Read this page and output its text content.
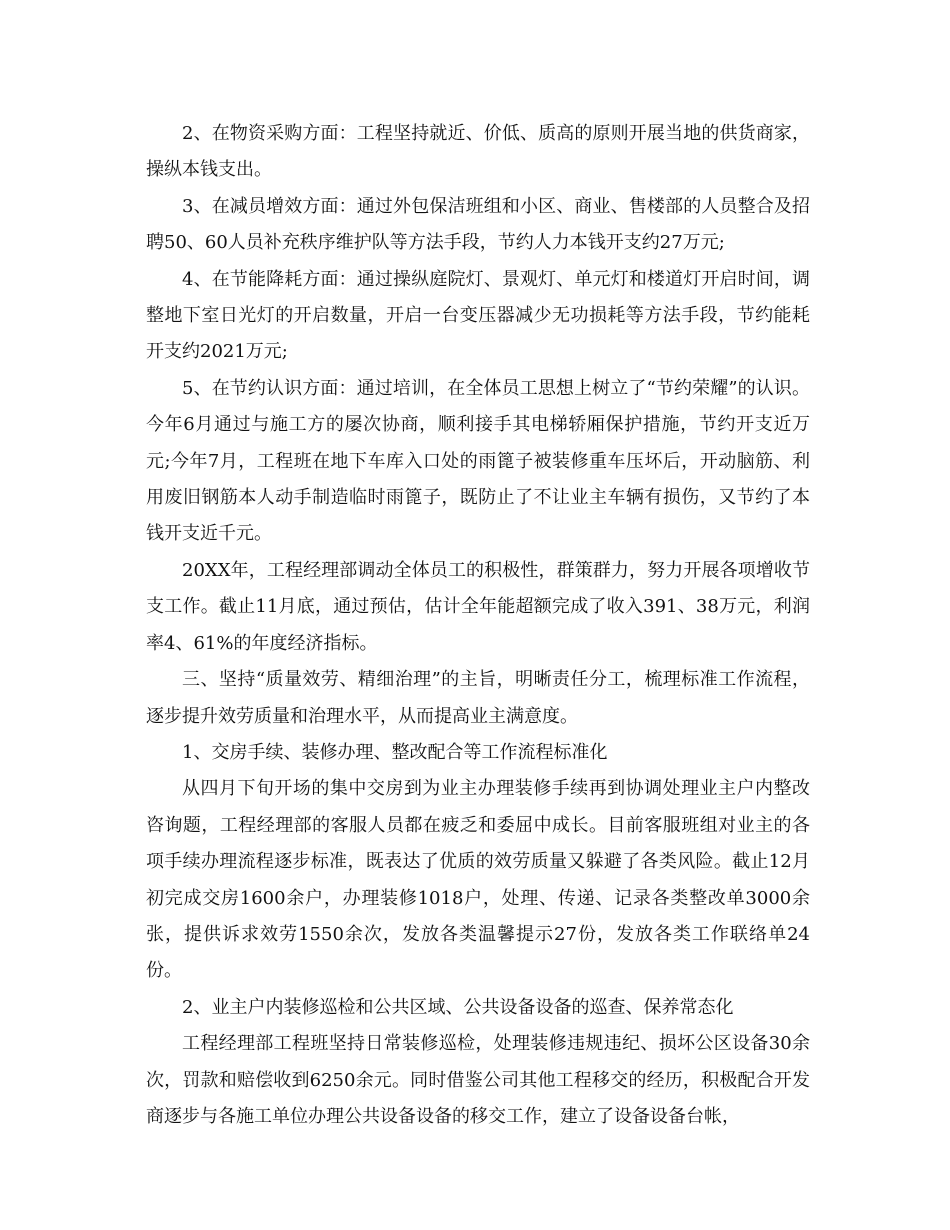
2、在物资采购方面：工程坚持就近、价低、质高的原则开展当地的供货商家，操纵本钱支出。

3、在减员增效方面：通过外包保洁班组和小区、商业、售楼部的人员整合及招聘50、60人员补充秩序维护队等方法手段，节约人力本钱开支约27万元;

4、在节能降耗方面：通过操纵庭院灯、景观灯、单元灯和楼道灯开启时间，调整地下室日光灯的开启数量，开启一台变压器减少无功损耗等方法手段，节约能耗开支约2021万元;

5、在节约认识方面：通过培训，在全体员工思想上树立了“节约荣耀”的认识。今年6月通过与施工方的屡次协商，顺利接手其电梯轿厢保护措施，节约开支近万元;今年7月，工程班在地下车库入口处的雨篦子被装修重车压坏后，开动脑筋、利用废旧钢筋本人动手制造临时雨篦子，既防止了不让业主车辆有损伤，又节约了本钱开支近千元。

20XX年，工程经理部调动全体员工的积极性，群策群力，努力开展各项增收节支工作。截止11月底，通过预估，估计全年能超额完成了收入391、38万元，利润率4、61%的年度经济指标。

三、坚持“质量效劳、精细治理”的主旨，明晰责任分工，梳理标准工作流程，逐步提升效劳质量和治理水平，从而提高业主满意度。

1、交房手续、装修办理、整改配合等工作流程标准化

从四月下旬开场的集中交房到为业主办理装修手续再到协调处理业主户内整改咨询题，工程经理部的客服人员都在疲乏和委屈中成长。目前客服班组对业主的各项手续办理流程逐步标准，既表达了优质的效劳质量又躲避了各类风险。截止12月初完成交房1600余户，办理装修1018户，处理、传递、记录各类整改单3000余张，提供诉求效劳1550余次，发放各类温馨提示27份，发放各类工作联络单24份。

2、业主户内装修巡检和公共区域、公共设备设备的巡查、保养常态化

工程经理部工程班坚持日常装修巡检，处理装修违规违纪、损坏公区设备30余次，罚款和赔偿收到6250余元。同时借鉴公司其他工程移交的经历，积极配合开发商逐步与各施工单位办理公共设备设备的移交工作，建立了设备设备台帐，
